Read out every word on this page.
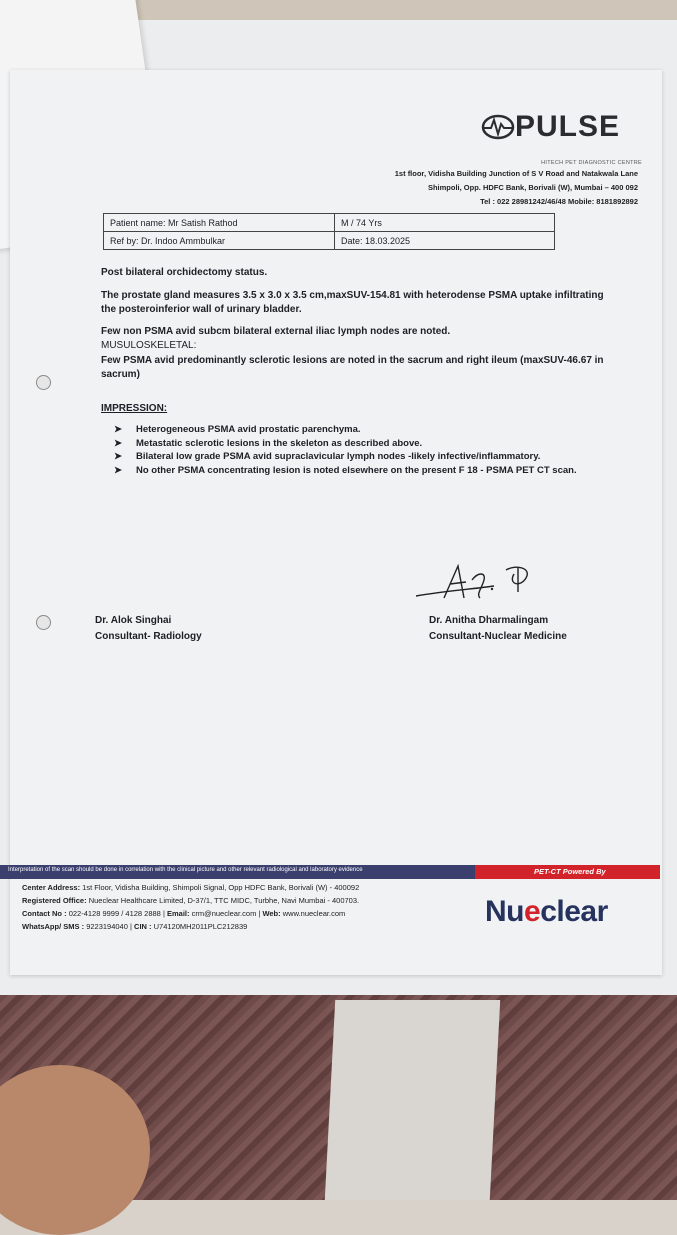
PULSE
HITECH PET DIAGNOSTIC CENTRE
1st floor, Vidisha Building Junction of S V Road and Natakwala Lane
Shimpoli, Opp. HDFC Bank, Borivali (W), Mumbai – 400 092
Tel : 022 28981242/46/48 Mobile: 8181892892
Patient name: Mr Satish Rathod	M / 74 Yrs
Ref by: Dr. Indoo Ammbulkar	Date: 18.03.2025
Post bilateral orchidectomy status.
The prostate gland measures 3.5 x 3.0 x 3.5 cm,maxSUV-154.81 with heterodense PSMA uptake infiltrating the posteroinferior wall of urinary bladder.
Few non PSMA avid subcm bilateral external iliac lymph nodes are noted.
MUSULOSKELETAL:
Few PSMA avid predominantly sclerotic lesions are noted in the sacrum and right ileum (maxSUV-46.67 in sacrum)
IMPRESSION:
➤	Heterogeneous PSMA avid prostatic parenchyma.
➤	Metastatic sclerotic lesions in the skeleton as described above.
➤	Bilateral low grade PSMA avid supraclavicular lymph nodes -likely infective/inflammatory.
➤	No other PSMA concentrating lesion is noted elsewhere on the present F 18 - PSMA PET CT scan.
Dr. Alok Singhai
Consultant- Radiology
Dr. Anitha Dharmalingam
Consultant-Nuclear Medicine
Interpretation of the scan should be done in correlation with the clinical picture and other relevant radiological and laboratory evidence	PET-CT Powered By
Center Address: 1st Floor, Vidisha Building, Shimpoli Signal, Opp HDFC Bank, Borivali (W) - 400092
Registered Office: Nueclear Healthcare Limited, D-37/1, TTC MIDC, Turbhe, Navi Mumbai - 400703.
Contact No : 022-4128 9999 / 4128 2888 | Email: crm@nueclear.com | Web: www.nueclear.com
WhatsApp/ SMS : 9223194040 | CIN : U74120MH2011PLC212839	Nueclear
